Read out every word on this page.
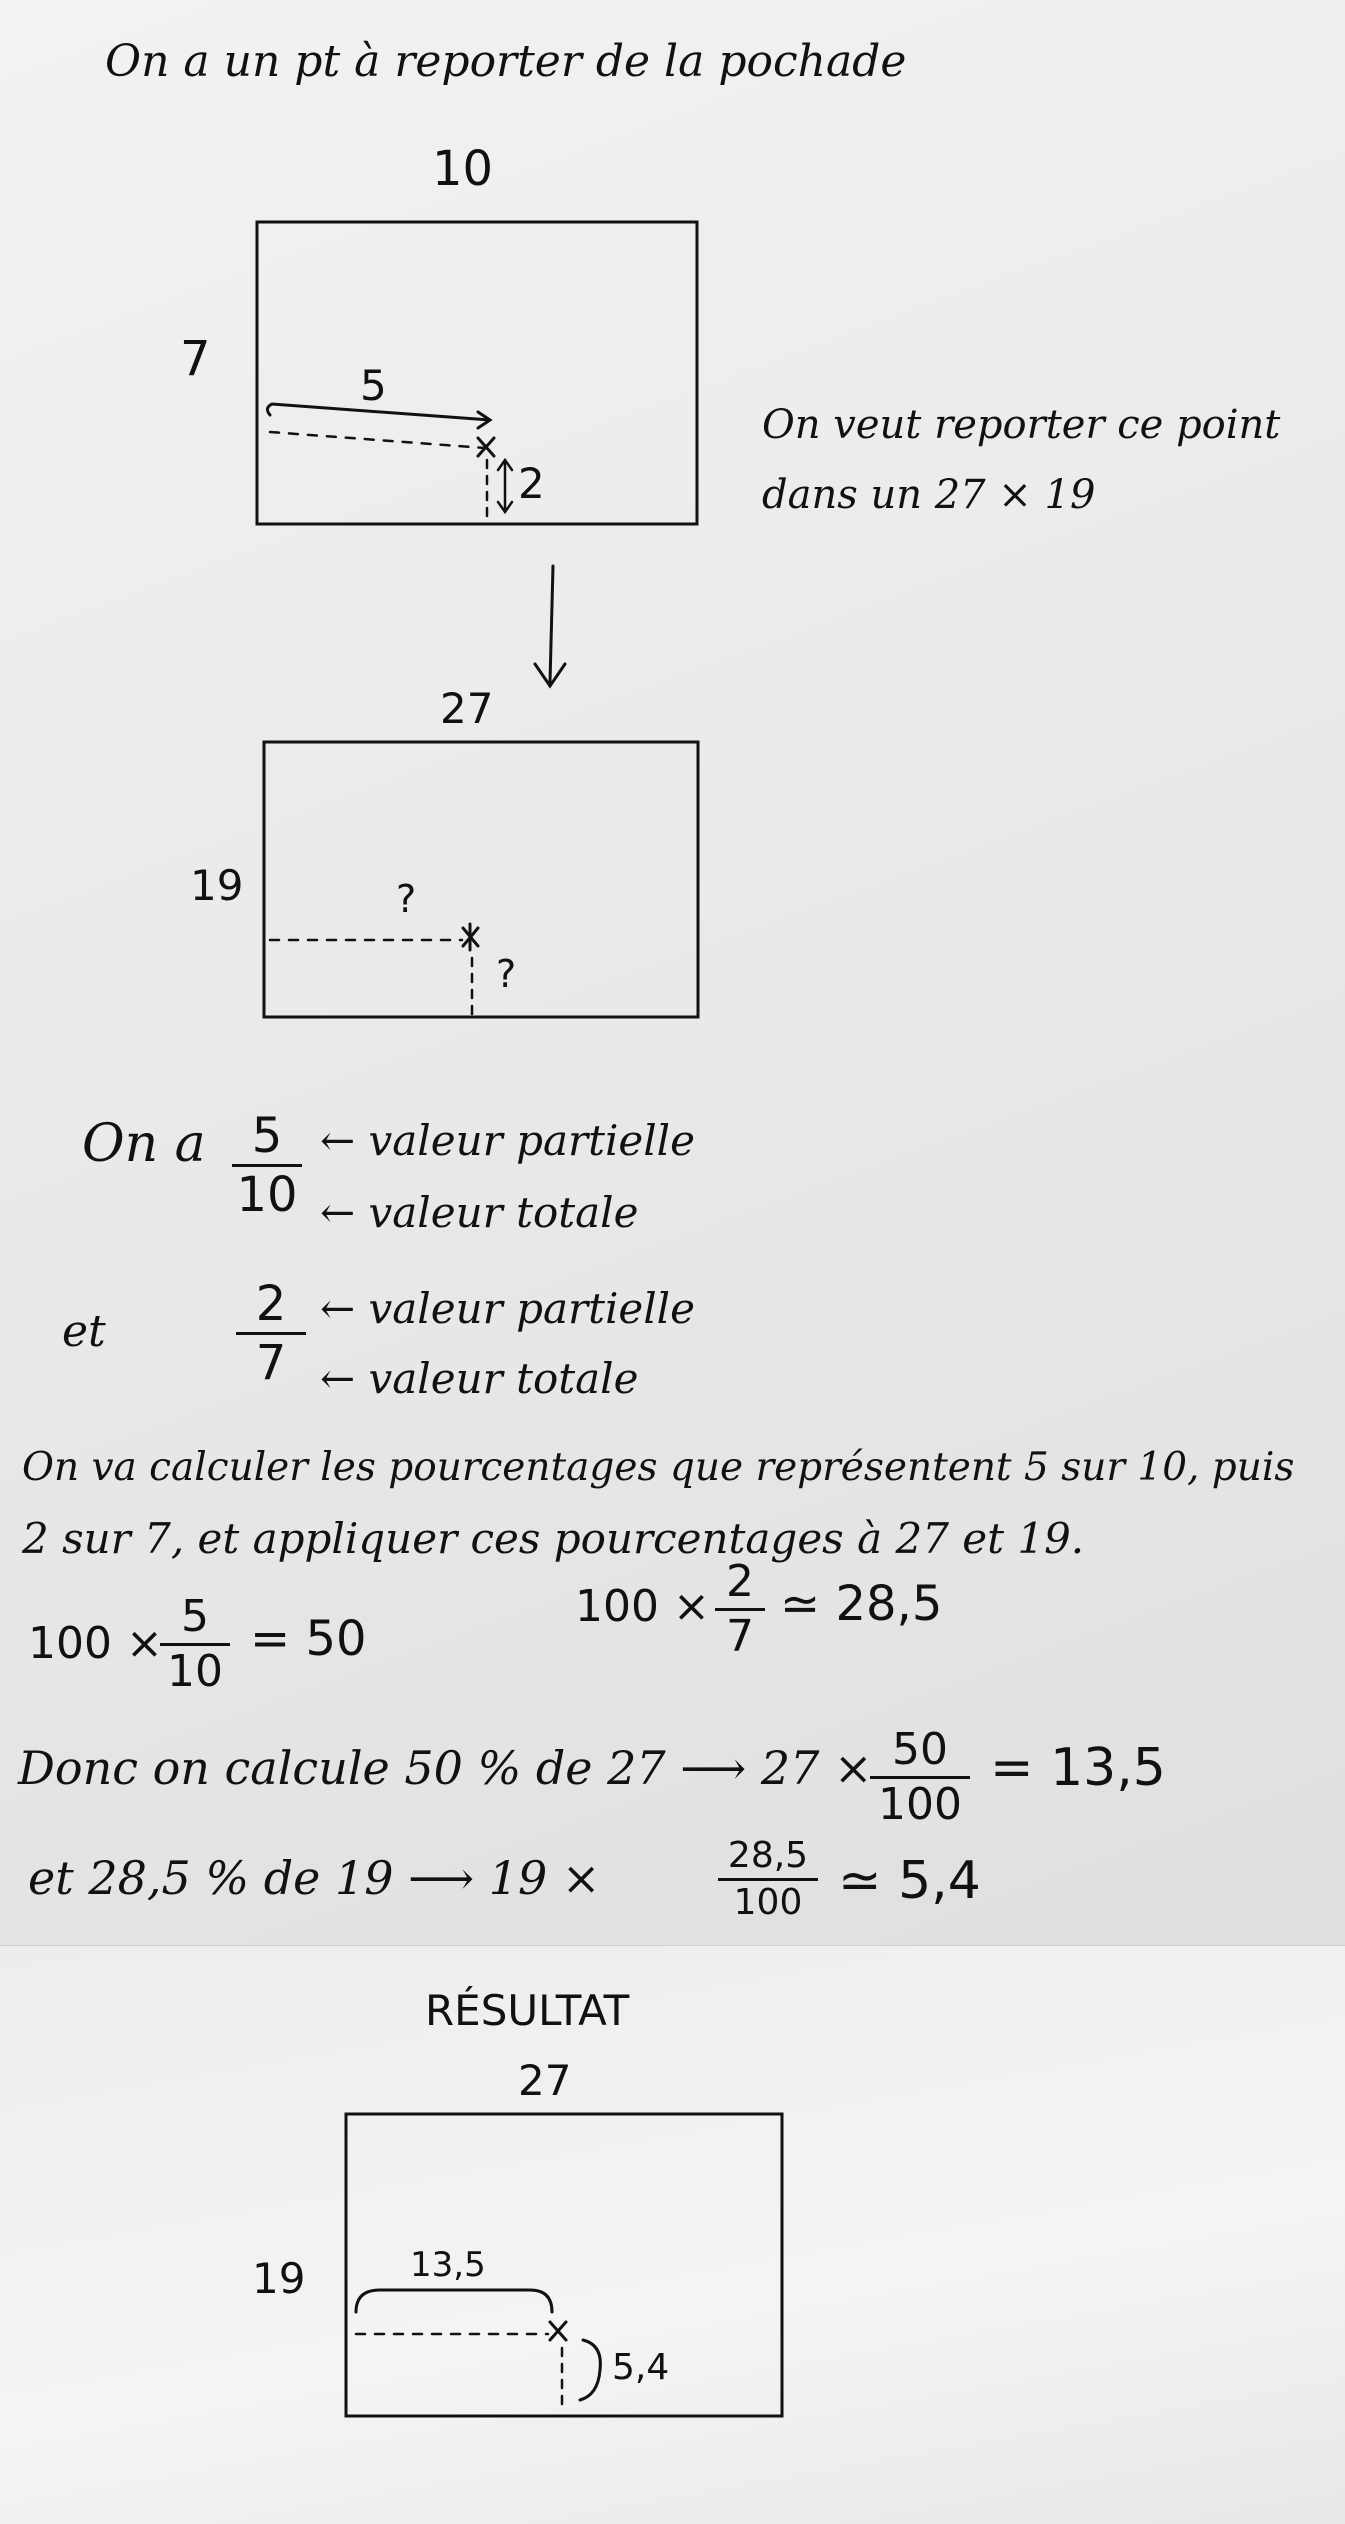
On a un pt à reporter de la pochade
10
7	5
2
On veut reporter ce point
dans un 27 × 19
27
19	?
?
On a 5
10
← valeur partielle
← valeur totale
et	2
7
← valeur partielle
← valeur totale
On va calculer les pourcentages que représentent 5 sur 10, puis
2 sur 7, et appliquer ces pourcentages à 27 et 19.
100 ×
5
10
= 50
100 × 2
7
≃ 28,5
Donc on calcule 50 % de 27 ⟶ 27 × 50
100
= 13,5
et 28,5 % de 19 ⟶ 19 ×	28,5
100 ≃ 5,4
RÉSULTAT
27
19	13,5
5,4
